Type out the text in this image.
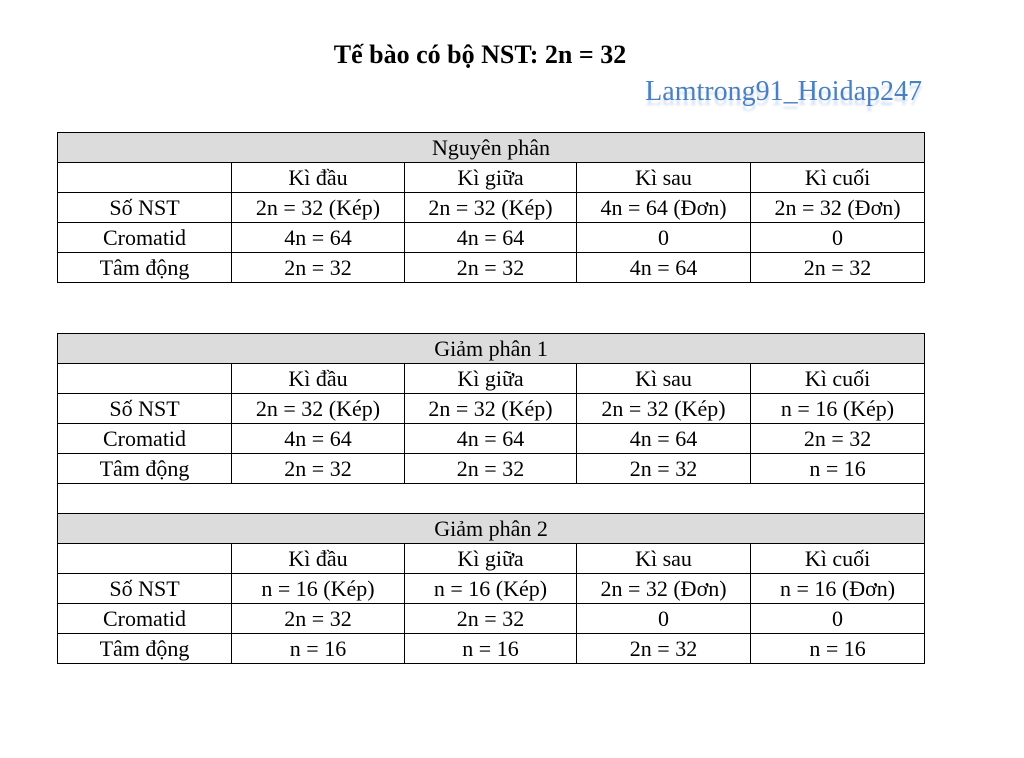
Tế bào có bộ NST: 2n = 32
Lamtrong91_Hoidap247
Nguyên phân				
	Kì đầu	Kì giữa	Kì sau	Kì cuối
Số NST	2n = 32 (Kép)	2n = 32 (Kép)	4n = 64 (Đơn)	2n = 32 (Đơn)
Cromatid	4n = 64	4n = 64	0	0
Tâm động	2n = 32	2n = 32	4n = 64	2n = 32
Giảm phân 1				
	Kì đầu	Kì giữa	Kì sau	Kì cuối
Số NST	2n = 32 (Kép)	2n = 32 (Kép)	2n = 32 (Kép)	n = 16 (Kép)
Cromatid	4n = 64	4n = 64	4n = 64	2n = 32
Tâm động	2n = 32	2n = 32	2n = 32	n = 16

Giảm phân 2				
	Kì đầu	Kì giữa	Kì sau	Kì cuối
Số NST	n = 16 (Kép)	n = 16 (Kép)	2n = 32 (Đơn)	n = 16 (Đơn)
Cromatid	2n = 32	2n = 32	0	0
Tâm động	n = 16	n = 16	2n = 32	n = 16
